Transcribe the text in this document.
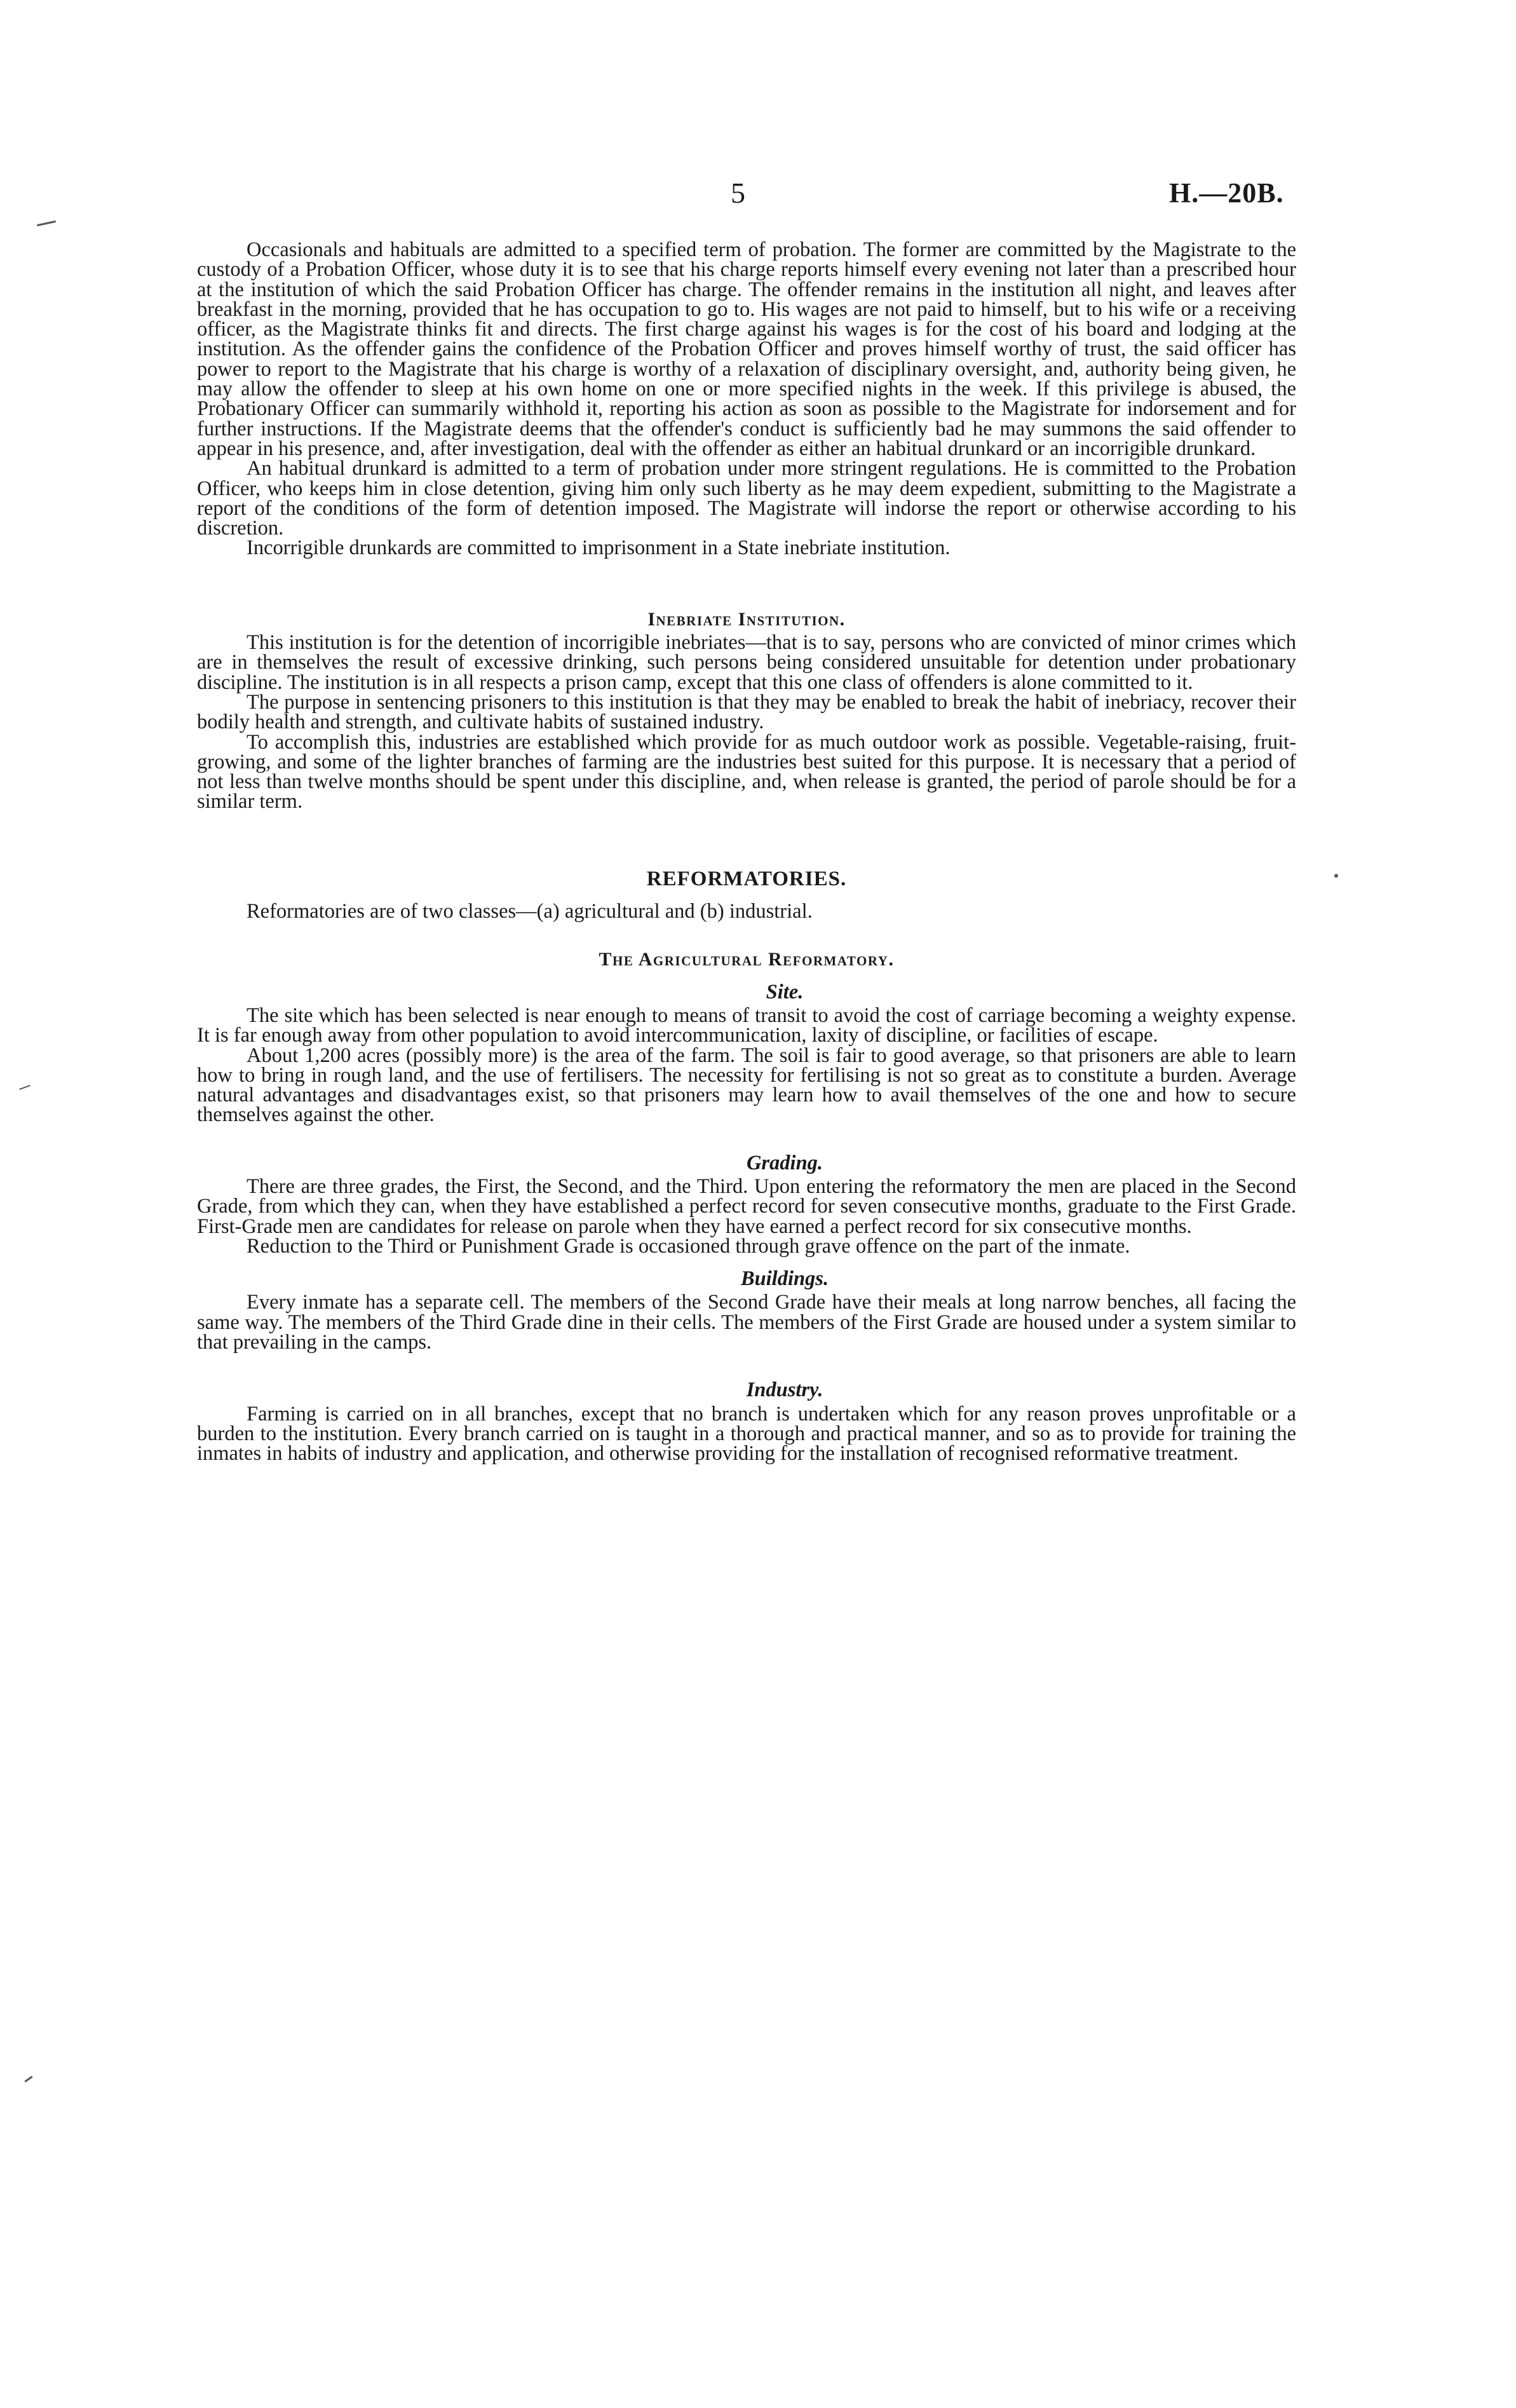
5	H.—20B.

Occasionals and habituals are admitted to a specified term of probation. The former are committed by the Magistrate to the custody of a Probation Officer, whose duty it is to see that his charge reports himself every evening not later than a prescribed hour at the institution of which the said Probation Officer has charge. The offender remains in the institution all night, and leaves after breakfast in the morning, provided that he has occupation to go to. His wages are not paid to himself, but to his wife or a receiving officer, as the Magistrate thinks fit and directs. The first charge against his wages is for the cost of his board and lodging at the institution. As the offender gains the confidence of the Probation Officer and proves himself worthy of trust, the said officer has power to report to the Magistrate that his charge is worthy of a relaxation of disciplinary oversight, and, authority being given, he may allow the offender to sleep at his own home on one or more specified nights in the week. If this privilege is abused, the Probationary Officer can summarily withhold it, reporting his action as soon as possible to the Magistrate for indorsement and for further instructions. If the Magistrate deems that the offender's conduct is sufficiently bad he may summons the said offender to appear in his presence, and, after investigation, deal with the offender as either an habitual drunkard or an incorrigible drunkard.

An habitual drunkard is admitted to a term of probation under more stringent regulations. He is committed to the Probation Officer, who keeps him in close detention, giving him only such liberty as he may deem expedient, submitting to the Magistrate a report of the conditions of the form of detention imposed. The Magistrate will indorse the report or otherwise according to his discretion.

Incorrigible drunkards are committed to imprisonment in a State inebriate institution.

Inebriate Institution.

This institution is for the detention of incorrigible inebriates—that is to say, persons who are convicted of minor crimes which are in themselves the result of excessive drinking, such persons being considered unsuitable for detention under probationary discipline. The institution is in all respects a prison camp, except that this one class of offenders is alone committed to it.

The purpose in sentencing prisoners to this institution is that they may be enabled to break the habit of inebriacy, recover their bodily health and strength, and cultivate habits of sustained industry.

To accomplish this, industries are established which provide for as much outdoor work as possible. Vegetable-raising, fruit-growing, and some of the lighter branches of farming are the industries best suited for this purpose. It is necessary that a period of not less than twelve months should be spent under this discipline, and, when release is granted, the period of parole should be for a similar term.

REFORMATORIES.

Reformatories are of two classes—(a) agricultural and (b) industrial.

The Agricultural Reformatory.
Site.

The site which has been selected is near enough to means of transit to avoid the cost of carriage becoming a weighty expense. It is far enough away from other population to avoid intercommunication, laxity of discipline, or facilities of escape.

About 1,200 acres (possibly more) is the area of the farm. The soil is fair to good average, so that prisoners are able to learn how to bring in rough land, and the use of fertilisers. The necessity for fertilising is not so great as to constitute a burden. Average natural advantages and disadvantages exist, so that prisoners may learn how to avail themselves of the one and how to secure themselves against the other.

Grading.

There are three grades, the First, the Second, and the Third. Upon entering the reformatory the men are placed in the Second Grade, from which they can, when they have established a perfect record for seven consecutive months, graduate to the First Grade. First-Grade men are candidates for release on parole when they have earned a perfect record for six consecutive months.

Reduction to the Third or Punishment Grade is occasioned through grave offence on the part of the inmate.

Buildings.

Every inmate has a separate cell. The members of the Second Grade have their meals at long narrow benches, all facing the same way. The members of the Third Grade dine in their cells. The members of the First Grade are housed under a system similar to that prevailing in the camps.

Industry.

Farming is carried on in all branches, except that no branch is undertaken which for any reason proves unprofitable or a burden to the institution. Every branch carried on is taught in a thorough and practical manner, and so as to provide for training the inmates in habits of industry and application, and otherwise providing for the installation of recognised reformative treatment.
